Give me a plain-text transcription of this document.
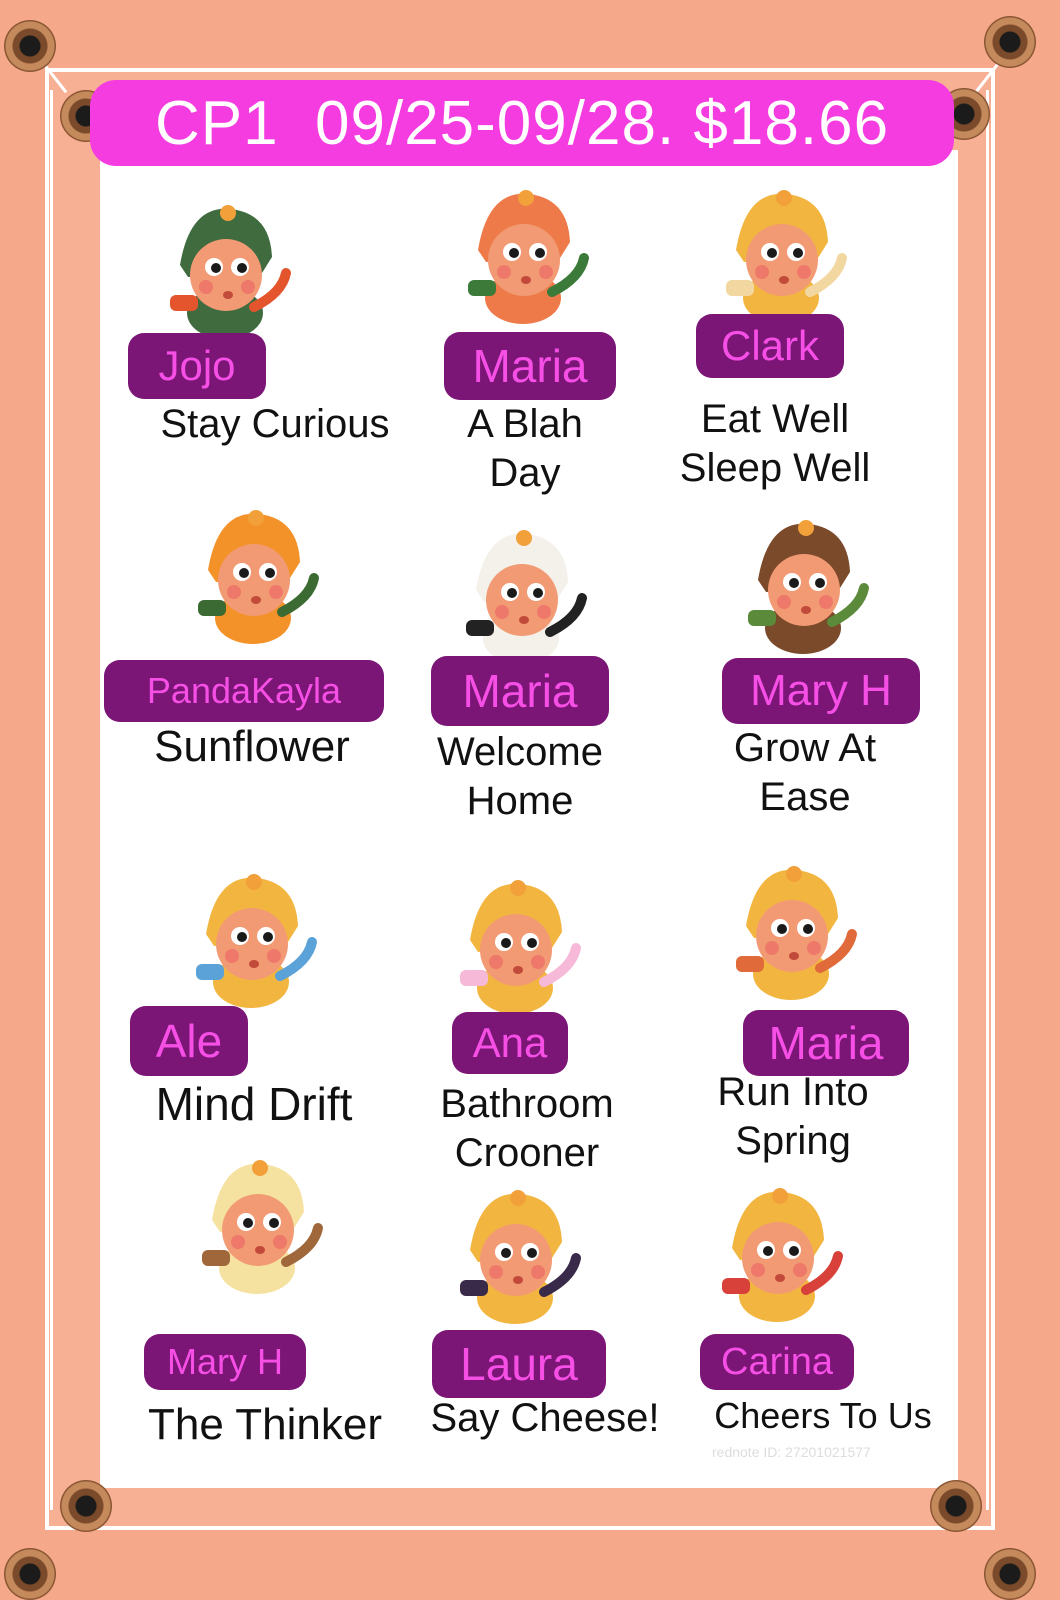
CP1  09/25-09/28. $18.66
Jojo
Stay Curious
Maria
A Blah
Day
Clark
Eat Well
Sleep Well
PandaKayla
Sunflower
Maria
Welcome
Home
Mary H
Grow At
Ease
Ale
Mind Drift
Ana
Bathroom
Crooner
Maria
Run Into
Spring
Mary H
The Thinker
Laura
Say Cheese!
Carina
Cheers To Us
rednote ID: 27201021577
